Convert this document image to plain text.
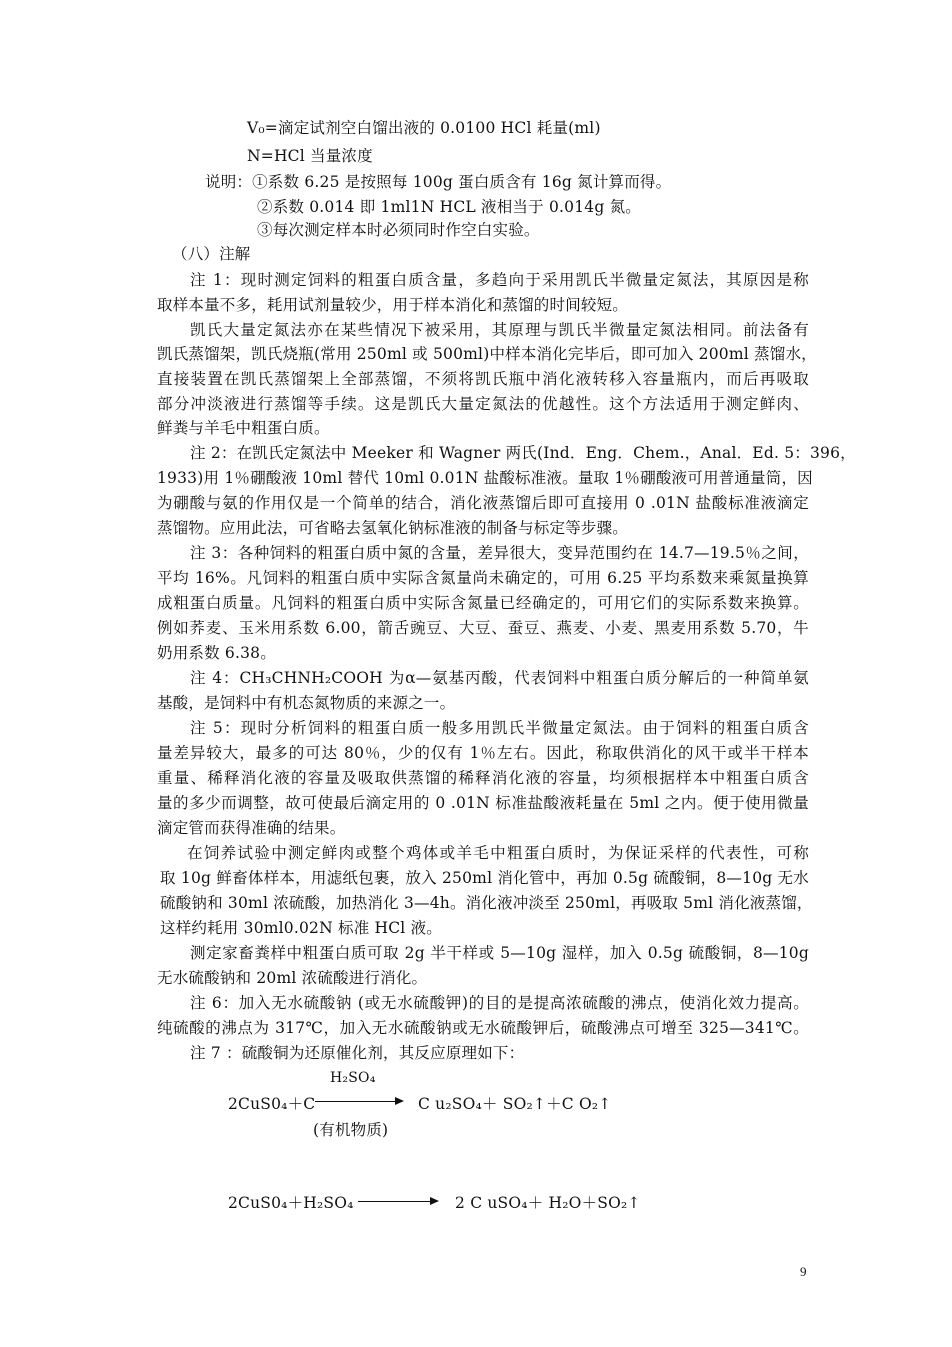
V₀=滴定试剂空白馏出液的 0.0100 HCl 耗量(ml)

N=HCl 当量浓度

说明：①系数 6.25 是按照每 100g 蛋白质含有 16g 氮计算而得。

②系数 0.014 即 1ml1N HCL 液相当于 0.014g 氮。

③每次测定样本时必须同时作空白实验。

（八）注解

注 1：现时测定饲料的粗蛋白质含量，多趋向于采用凯氏半微量定氮法，其原因是称

取样本量不多，耗用试剂量较少，用于样本消化和蒸馏的时间较短。

凯氏大量定氮法亦在某些情况下被采用，其原理与凯氏半微量定氮法相同。前法备有

凯氏蒸馏架，凯氏烧瓶(常用 250ml 或 500ml)中样本消化完毕后，即可加入 200ml 蒸馏水，

直接装置在凯氏蒸馏架上全部蒸馏，不须将凯氏瓶中消化液转移入容量瓶内，而后再吸取

部分冲淡液进行蒸馏等手续。这是凯氏大量定氮法的优越性。这个方法适用于测定鲜肉、

鲜粪与羊毛中粗蛋白质。

注 2：在凯氏定氮法中 Meeker 和 Wagner 两氏(Ind．Eng．Chem.，Anal．Ed. 5：396，

1933)用 1％硼酸液 10ml 替代 10ml 0.01N 盐酸标准液。量取 1％硼酸液可用普通量筒，因

为硼酸与氨的作用仅是一个简单的结合，消化液蒸馏后即可直接用 0 .01N 盐酸标准液滴定

蒸馏物。应用此法，可省略去氢氧化钠标准液的制备与标定等步骤。

注 3：各种饲料的粗蛋白质中氮的含量，差异很大，变异范围约在 14.7—19.5％之间，

平均 16%。凡饲料的粗蛋白质中实际含氮量尚未确定的，可用 6.25 平均系数来乘氮量换算

成粗蛋白质量。凡饲料的粗蛋白质中实际含氮量已经确定的，可用它们的实际系数来换算。

例如荞麦、玉米用系数 6.00，箭舌豌豆、大豆、蚕豆、燕麦、小麦、黑麦用系数 5.70，牛

奶用系数 6.38。

注 4：CH₃CHNH₂COOH 为α—氨基丙酸，代表饲料中粗蛋白质分解后的一种简单氨

基酸，是饲料中有机态氮物质的来源之一。

注 5：现时分析饲料的粗蛋白质一般多用凯氏半微量定氮法。由于饲料的粗蛋白质含

量差异较大，最多的可达 80％，少的仅有 1％左右。因此，称取供消化的风干或半干样本

重量、稀释消化液的容量及吸取供蒸馏的稀释消化液的容量，均须根据样本中粗蛋白质含

量的多少而调整，故可使最后滴定用的 0 .01N 标准盐酸液耗量在 5ml 之内。便于使用微量

滴定管而获得准确的结果。

在饲养试验中测定鲜肉或整个鸡体或羊毛中粗蛋白质时，为保证采样的代表性，可称

取 10g 鲜畜体样本，用滤纸包裹，放入 250ml 消化管中，再加 0.5g 硫酸铜，8—10g 无水

硫酸钠和 30ml 浓硫酸，加热消化 3—4h。消化液冲淡至 250ml，再吸取 5ml 消化液蒸馏，

这样约耗用 30ml0.02N 标准 HCl 液。

测定家畜粪样中粗蛋白质可取 2g 半干样或 5—10g 湿样，加入 0.5g 硫酸铜，8—10g

无水硫酸钠和 20ml 浓硫酸进行消化。

注 6：加入无水硫酸钠 (或无水硫酸钾)的目的是提高浓硫酸的沸点，使消化效力提高。

纯硫酸的沸点为 317℃，加入无水硫酸钠或无水硫酸钾后，硫酸沸点可增至 325—341℃。

注 7 ：硫酸铜为还原催化剂，其反应原理如下：

H₂SO₄

2CuS0₄＋C	C u₂SO₄＋ SO₂↑＋C O₂↑

(有机物质)

2CuS0₄＋H₂SO₄	2 C uSO₄＋ H₂O＋SO₂↑

9
